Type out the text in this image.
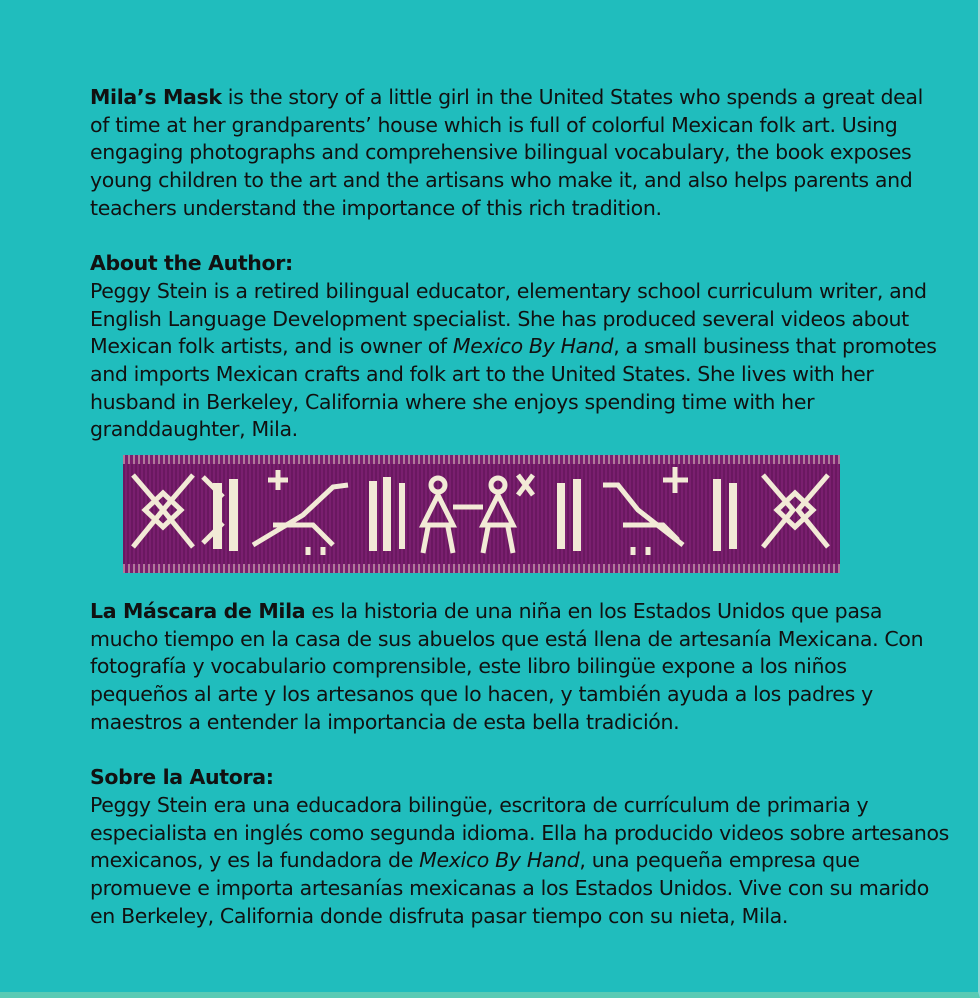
Mila’s Mask is the story of a little girl in the United States who spends a great deal of time at her grandparents’ house which is full of colorful Mexican folk art. Using engaging photographs and comprehensive bilingual vocabulary, the book exposes young children to the art and the artisans who make it, and also helps parents and teachers understand the importance of this rich tradition.

About the Author:

Peggy Stein is a retired bilingual educator, elementary school curriculum writer, and English Language Development specialist. She has produced several videos about Mexican folk artists, and is owner of Mexico By Hand, a small business that promotes and imports Mexican crafts and folk art to the United States. She lives with her husband in Berkeley, California where she enjoys spending time with her granddaughter, Mila.

La Máscara de Mila es la historia de una niña en los Estados Unidos que pasa mucho tiempo en la casa de sus abuelos que está llena de artesanía Mexicana. Con fotografía y vocabulario comprensible, este libro bilingüe expone a los niños pequeños al arte y los artesanos que lo hacen, y también ayuda a los padres y maestros a entender la importancia de esta bella tradición.

Sobre la Autora:

Peggy Stein era una educadora bilingüe, escritora de currículum de primaria y especialista en inglés como segunda idioma. Ella ha producido videos sobre artesanos mexicanos, y es la fundadora de Mexico By Hand, una pequeña empresa que promueve e importa artesanías mexicanas a los Estados Unidos. Vive con su marido en Berkeley, California donde disfruta pasar tiempo con su nieta, Mila.
